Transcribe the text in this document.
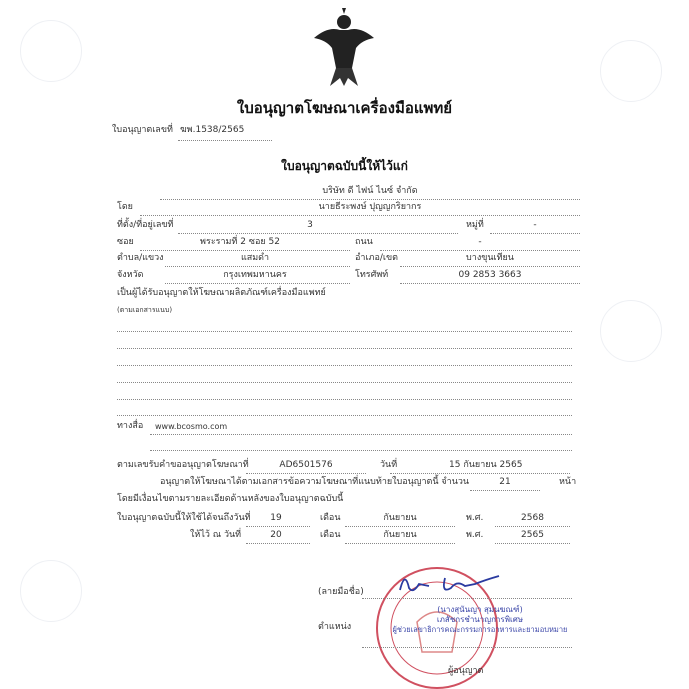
ใบอนุญาตโฆษณาเครื่องมือแพทย์
ใบอนุญาตเลขที่ ฆพ.1538/2565
ใบอนุญาตฉบับนี้ให้ไว้แก่
บริษัท ดี ไฟน์ ไนซ์ จำกัด
โดย	นายธีระพงษ์ ปุญญกริยากร
ที่ตั้ง/ที่อยู่เลขที่	3	หมู่ที่	-
ซอย	พระรามที่ 2 ซอย 52	ถนน	-
ตำบล/แขวง	แสมดำ	อำเภอ/เขต	บางขุนเทียน
จังหวัด	กรุงเทพมหานคร	โทรศัพท์	09 2853 3663
เป็นผู้ได้รับอนุญาตให้โฆษณาผลิตภัณฑ์เครื่องมือแพทย์
(ตามเอกสารแนบ)
ทางสื่อ www.bcosmo.com
ตามเลขรับคำขออนุญาตโฆษณาที่	AD6501576	วันที่	15 กันยายน 2565
อนุญาตให้โฆษณาได้ตามเอกสารข้อความโฆษณาที่แนบท้ายใบอนุญาตนี้ จำนวน	21	หน้า
โดยมีเงื่อนไขตามรายละเอียดด้านหลังของใบอนุญาตฉบับนี้
ใบอนุญาตฉบับนี้ให้ใช้ได้จนถึงวันที่	19	เดือน	กันยายน	พ.ศ.	2568
ให้ไว้ ณ วันที่	20	เดือน	กันยายน	พ.ศ.	2565
(ลายมือชื่อ)
(นางสุนันญา สุมนฆณฑ์)
ตำแหน่ง
เภสัชกรชำนาญการพิเศษ
ผู้ช่วยเลขาธิการคณะกรรมการอาหารและยามอบหมาย
ผู้อนุญาต
